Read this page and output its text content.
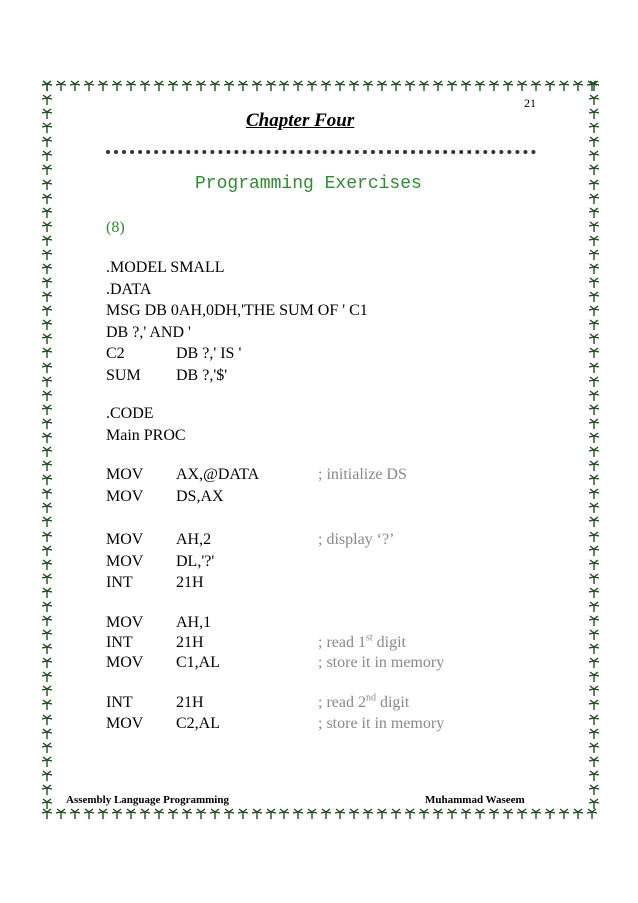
21
Chapter Four
Programming Exercises
(8)
.MODEL SMALL
.DATA
MSG DB 0AH,0DH,'THE SUM OF ' C1
DB ?,' AND '
C2	DB ?,' IS '
SUM DB ?,'$'
.CODE
Main PROC
MOV AX,@DATA	; initialize DS
MOV DS,AX
MOV AH,2	; display ‘?’
MOV DL,'?'
INT	21H
MOV AH,1
INT	21H	; read 1st digit
MOV C1,AL	; store it in memory
INT	21H	; read 2nd digit
MOV C2,AL	; store it in memory
Assembly Language Programming	Muhammad Waseem
